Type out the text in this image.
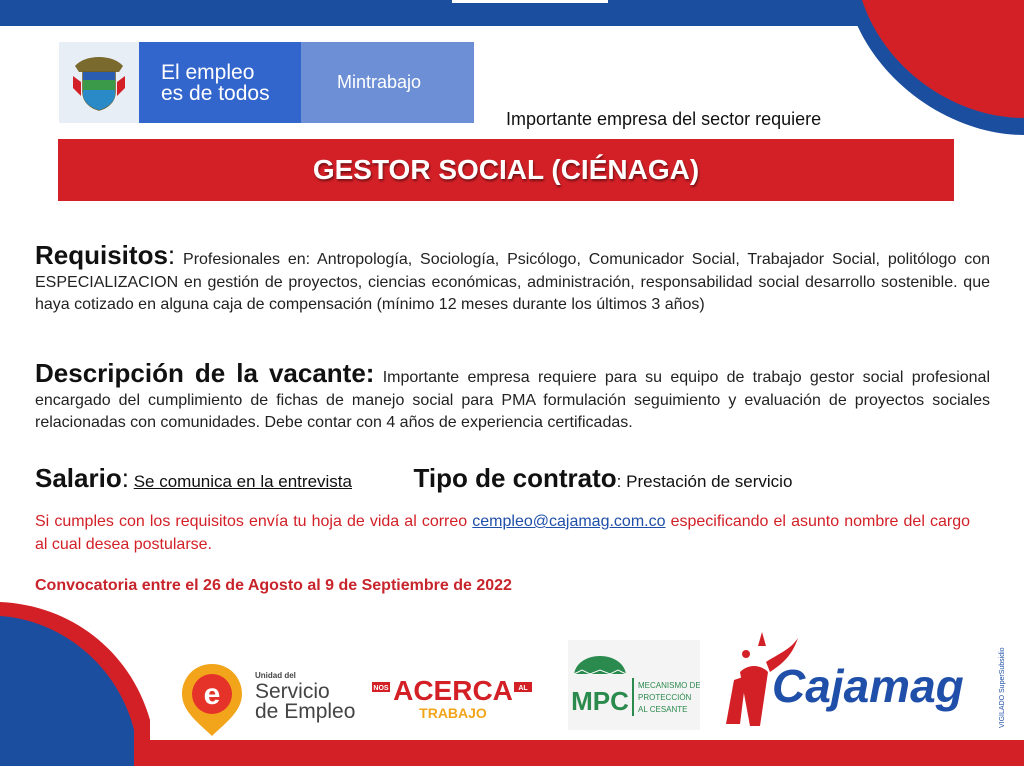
El empleo
es de todos	Mintrabajo
Importante empresa del sector requiere
GESTOR SOCIAL (CIÉNAGA)
Requisitos: Profesionales en: Antropología, Sociología, Psicólogo, Comunicador Social, Trabajador Social, politólogo con ESPECIALIZACION en gestión de proyectos, ciencias económicas, administración, responsabilidad social desarrollo sostenible. que haya cotizado en alguna caja de compensación (mínimo 12 meses durante los últimos 3 años)
Descripción de la vacante: Importante empresa requiere para su equipo de trabajo gestor social profesional encargado del cumplimiento de fichas de manejo social para PMA formulación seguimiento y evaluación de proyectos sociales relacionadas con comunidades. Debe contar con 4 años de experiencia certificadas.
Salario: Se comunica en la entrevista Tipo de contrato: Prestación de servicio
Si cumples con los requisitos envía tu hoja de vida al correo cempleo@cajamag.com.co especificando el asunto nombre del cargo al cual desea postularse.
Convocatoria entre el 26 de Agosto al 9 de Septiembre de 2022
e
Unidad del
Servicio
de Empleo
NOS ACERCA AL
TRABAJO	MPC
MECANISMO DE
PROTECCIÓN
AL CESANTE Cajamag	VIGILADO SuperSubsidio
